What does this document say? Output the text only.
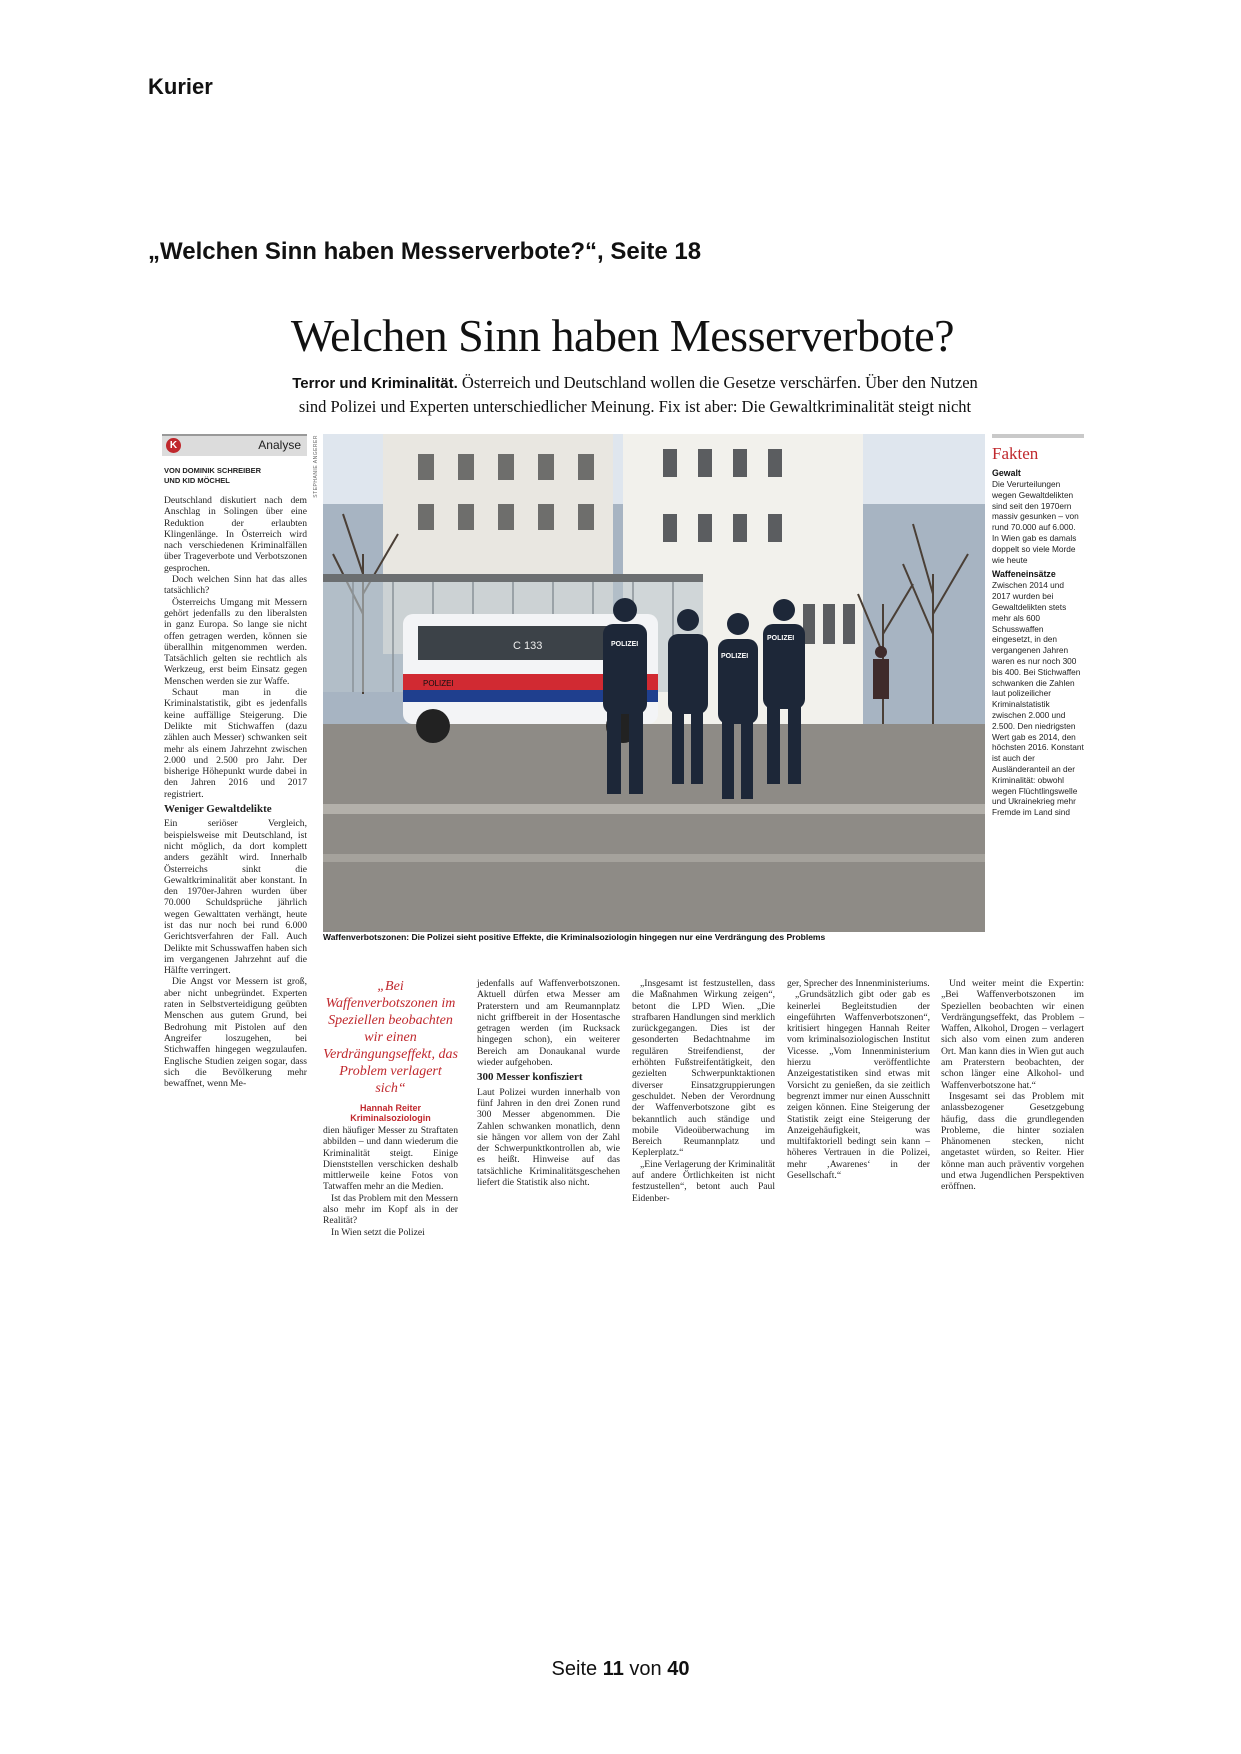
Kurier
„Welchen Sinn haben Messerverbote?“, Seite 18
Welchen Sinn haben Messerverbote?
Terror und Kriminalität. Österreich und Deutschland wollen die Gesetze verschärfen. Über den Nutzen
sind Polizei und Experten unterschiedlicher Meinung. Fix ist aber: Die Gewaltkriminalität steigt nicht
K	Analyse
VON DOMINIK SCHREIBER
UND KID MÖCHEL

Deutschland diskutiert nach dem Anschlag in Solingen über eine Reduktion der erlaubten Klingenlänge. In Österreich wird nach verschiedenen Kriminalfällen über Trageverbote und Verbotszonen gesprochen.

Doch welchen Sinn hat das alles tatsächlich?

Österreichs Umgang mit Messern gehört jedenfalls zu den liberalsten in ganz Europa. So lange sie nicht offen getragen werden, können sie überallhin mitgenommen werden. Tatsächlich gelten sie rechtlich als Werkzeug, erst beim Einsatz gegen Menschen werden sie zur Waffe.

Schaut man in die Kriminalstatistik, gibt es jedenfalls keine auffällige Steigerung. Die Delikte mit Stichwaffen (dazu zählen auch Messer) schwanken seit mehr als einem Jahrzehnt zwischen 2.000 und 2.500 pro Jahr. Der bisherige Höhepunkt wurde dabei in den Jahren 2016 und 2017 registriert.

Weniger Gewaltdelikte

Ein seriöser Vergleich, beispielsweise mit Deutschland, ist nicht möglich, da dort komplett anders gezählt wird. Innerhalb Österreichs sinkt die Gewaltkriminalität aber konstant. In den 1970er-Jahren wurden über 70.000 Schuldsprüche jährlich wegen Gewalttaten verhängt, heute ist das nur noch bei rund 6.000 Gerichtsverfahren der Fall. Auch Delikte mit Schusswaffen haben sich im vergangenen Jahrzehnt auf die Hälfte verringert.

Die Angst vor Messern ist groß, aber nicht unbegründet. Experten raten in Selbstverteidigung geübten Menschen aus gutem Grund, bei Bedrohung mit Pistolen auf den Angreifer loszugehen, bei Stichwaffen hingegen wegzulaufen. Englische Studien zeigen sogar, dass sich die Bevölkerung mehr bewaffnet, wenn Me-

STEPHANIE ANGERER
C 133
POLIZEI
POLIZEI
POLIZEI
POLIZEI
Waffenverbotszonen: Die Polizei sieht positive Effekte, die Kriminalsoziologin hingegen nur eine Verdrängung des Problems
Fakten
Gewalt
Die Verurteilungen wegen Gewaltdelikten sind seit den 1970ern massiv gesunken – von rund 70.000 auf 6.000. In Wien gab es damals doppelt so viele Morde wie heute
Waffeneinsätze
Zwischen 2014 und 2017 wurden bei Gewaltdelikten stets mehr als 600 Schusswaffen eingesetzt, in den vergangenen Jahren waren es nur noch 300 bis 400. Bei Stichwaffen schwanken die Zahlen laut polizeilicher Kriminalstatistik zwischen 2.000 und 2.500. Den niedrigsten Wert gab es 2014, den höchsten 2016. Konstant ist auch der Ausländeranteil an der Kriminalität: obwohl wegen Flüchtlingswelle und Ukrainekrieg mehr Fremde im Land sind
„Bei Waffenverbotszonen im Speziellen beobachten wir einen Verdrängungseffekt, das Problem verlagert sich“
Hannah Reiter
Kriminalsoziologin

dien häufiger Messer zu Straftaten abbilden – und dann wiederum die Kriminalität steigt. Einige Dienststellen verschicken deshalb mittlerweile keine Fotos von Tatwaffen mehr an die Medien.

Ist das Problem mit den Messern also mehr im Kopf als in der Realität?

In Wien setzt die Polizei

jedenfalls auf Waffenverbotszonen. Aktuell dürfen etwa Messer am Praterstern und am Reumannplatz nicht griffbereit in der Hosentasche getragen werden (im Rucksack hingegen schon), ein weiterer Bereich am Donaukanal wurde wieder aufgehoben.

300 Messer konfisziert

Laut Polizei wurden innerhalb von fünf Jahren in den drei Zonen rund 300 Messer abgenommen. Die Zahlen schwanken monatlich, denn sie hängen vor allem von der Zahl der Schwerpunktkontrollen ab, wie es heißt. Hinweise auf das tatsächliche Kriminalitätsgeschehen liefert die Statistik also nicht.

„Insgesamt ist festzustellen, dass die Maßnahmen Wirkung zeigen“, betont die LPD Wien. „Die strafbaren Handlungen sind merklich zurückgegangen. Dies ist der gesonderten Bedachtnahme im regulären Streifendienst, der erhöhten Fußstreifentätigkeit, den gezielten Schwerpunktaktionen diverser Einsatzgruppierungen geschuldet. Neben der Verordnung der Waffenverbotszone gibt es bekanntlich auch ständige und mobile Videoüberwachung im Bereich Reumannplatz und Keplerplatz.“

„Eine Verlagerung der Kriminalität auf andere Örtlichkeiten ist nicht festzustellen“, betont auch Paul Eidenber-

ger, Sprecher des Innenministeriums.

„Grundsätzlich gibt oder gab es keinerlei Begleitstudien der eingeführten Waffenverbotszonen“, kritisiert hingegen Hannah Reiter vom kriminalsoziologischen Institut Vicesse. „Vom Innenministerium hierzu veröffentlichte Anzeigestatistiken sind etwas mit Vorsicht zu genießen, da sie zeitlich begrenzt immer nur einen Ausschnitt zeigen können. Eine Steigerung der Statistik zeigt eine Steigerung der Anzeigehäufigkeit, was multifaktoriell bedingt sein kann – höheres Vertrauen in die Polizei, mehr ‚Awarenes‘ in der Gesellschaft.“

Und weiter meint die Expertin: „Bei Waffenverbotszonen im Speziellen beobachten wir einen Verdrängungseffekt, das Problem – Waffen, Alkohol, Drogen – verlagert sich also vom einen zum anderen Ort. Man kann dies in Wien gut auch am Praterstern beobachten, der schon länger eine Alkohol- und Waffenverbotszone hat.“

Insgesamt sei das Problem mit anlassbezogener Gesetzgebung häufig, dass die grundlegenden Probleme, die hinter sozialen Phänomenen stecken, nicht angetastet würden, so Reiter. Hier könne man auch präventiv vorgehen und etwa Jugendlichen Perspektiven eröffnen.

Seite 11 von 40
